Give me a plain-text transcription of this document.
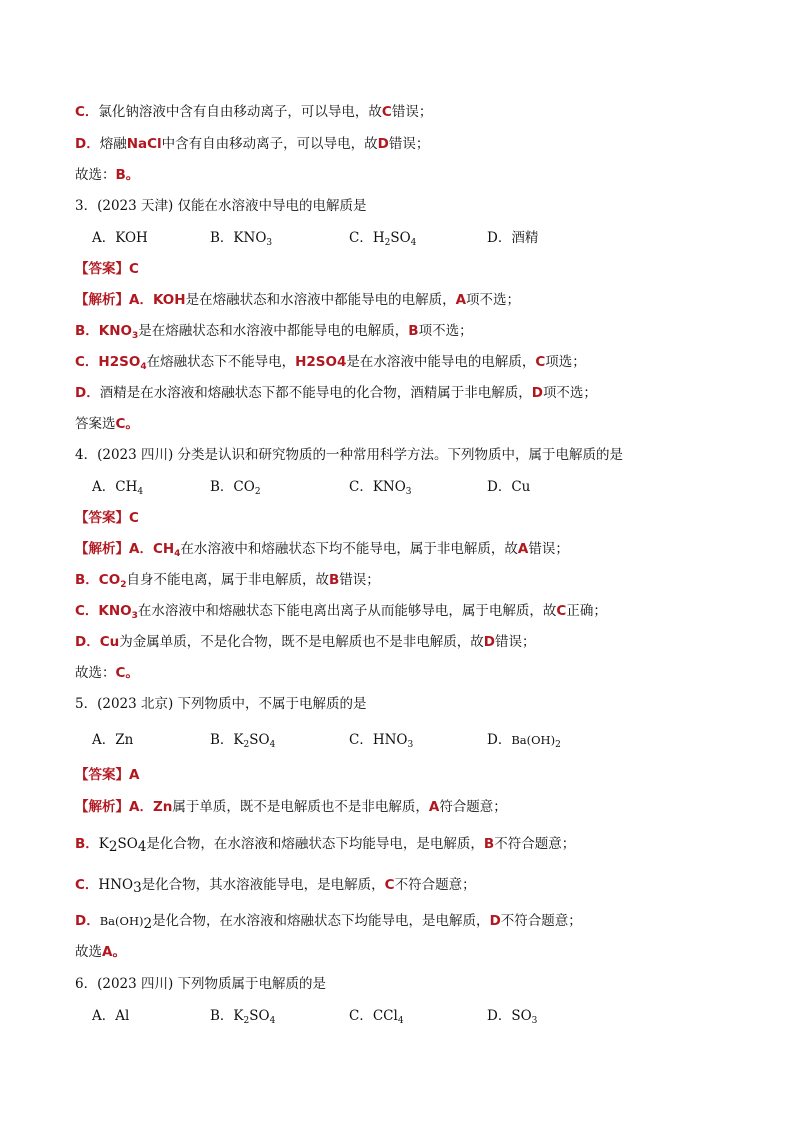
C．氯化钠溶液中含有自由移动离子，可以导电，故C错误；
D．熔融NaCl中含有自由移动离子，可以导电，故D错误；
故选：B。
3．(2023 天津) 仅能在水溶液中导电的电解质是
A．KOH	B．$KNO_3$	C．$H_2SO_4$	D．酒精
【答案】C
【解析】A．KOH是在熔融状态和水溶液中都能导电的电解质，A项不选；
B．$KNO_3$是在熔融状态和水溶液中都能导电的电解质，B项不选；
C．$H2SO_4$在熔融状态下不能导电，H2SO4是在水溶液中能导电的电解质，C项选；
D．酒精是在水溶液和熔融状态下都不能导电的化合物，酒精属于非电解质，D项不选；
答案选C。
4．(2023 四川) 分类是认识和研究物质的一种常用科学方法。下列物质中，属于电解质的是
A．$CH_4$	B．$CO_2$	C．$KNO_3$	D．Cu
【答案】C
【解析】A．$CH_4$在水溶液中和熔融状态下均不能导电，属于非电解质，故A错误；
B．$CO_2$自身不能电离，属于非电解质，故B错误；
C．$KNO_3$在水溶液中和熔融状态下能电离出离子从而能够导电，属于电解质，故C正确；
D．Cu为金属单质，不是化合物，既不是电解质也不是非电解质，故D错误；
故选：C。
5．(2023 北京) 下列物质中，不属于电解质的是
A．Zn	B．$K_2SO_4$	C．$HNO_3$	D．$Ba(OH)_2$
【答案】A
【解析】A．Zn属于单质，既不是电解质也不是非电解质，A符合题意；
B．$K_2SO_4$是化合物，在水溶液和熔融状态下均能导电，是电解质，B不符合题意；
C．$HNO_3$是化合物，其水溶液能导电，是电解质，C不符合题意；
D．$Ba(OH)_2$是化合物，在水溶液和熔融状态下均能导电，是电解质，D不符合题意；
故选A。
6．(2023 四川) 下列物质属于电解质的是
A．Al	B．$K_2SO_4$	C．CCl$_4$	D．$SO_3$
